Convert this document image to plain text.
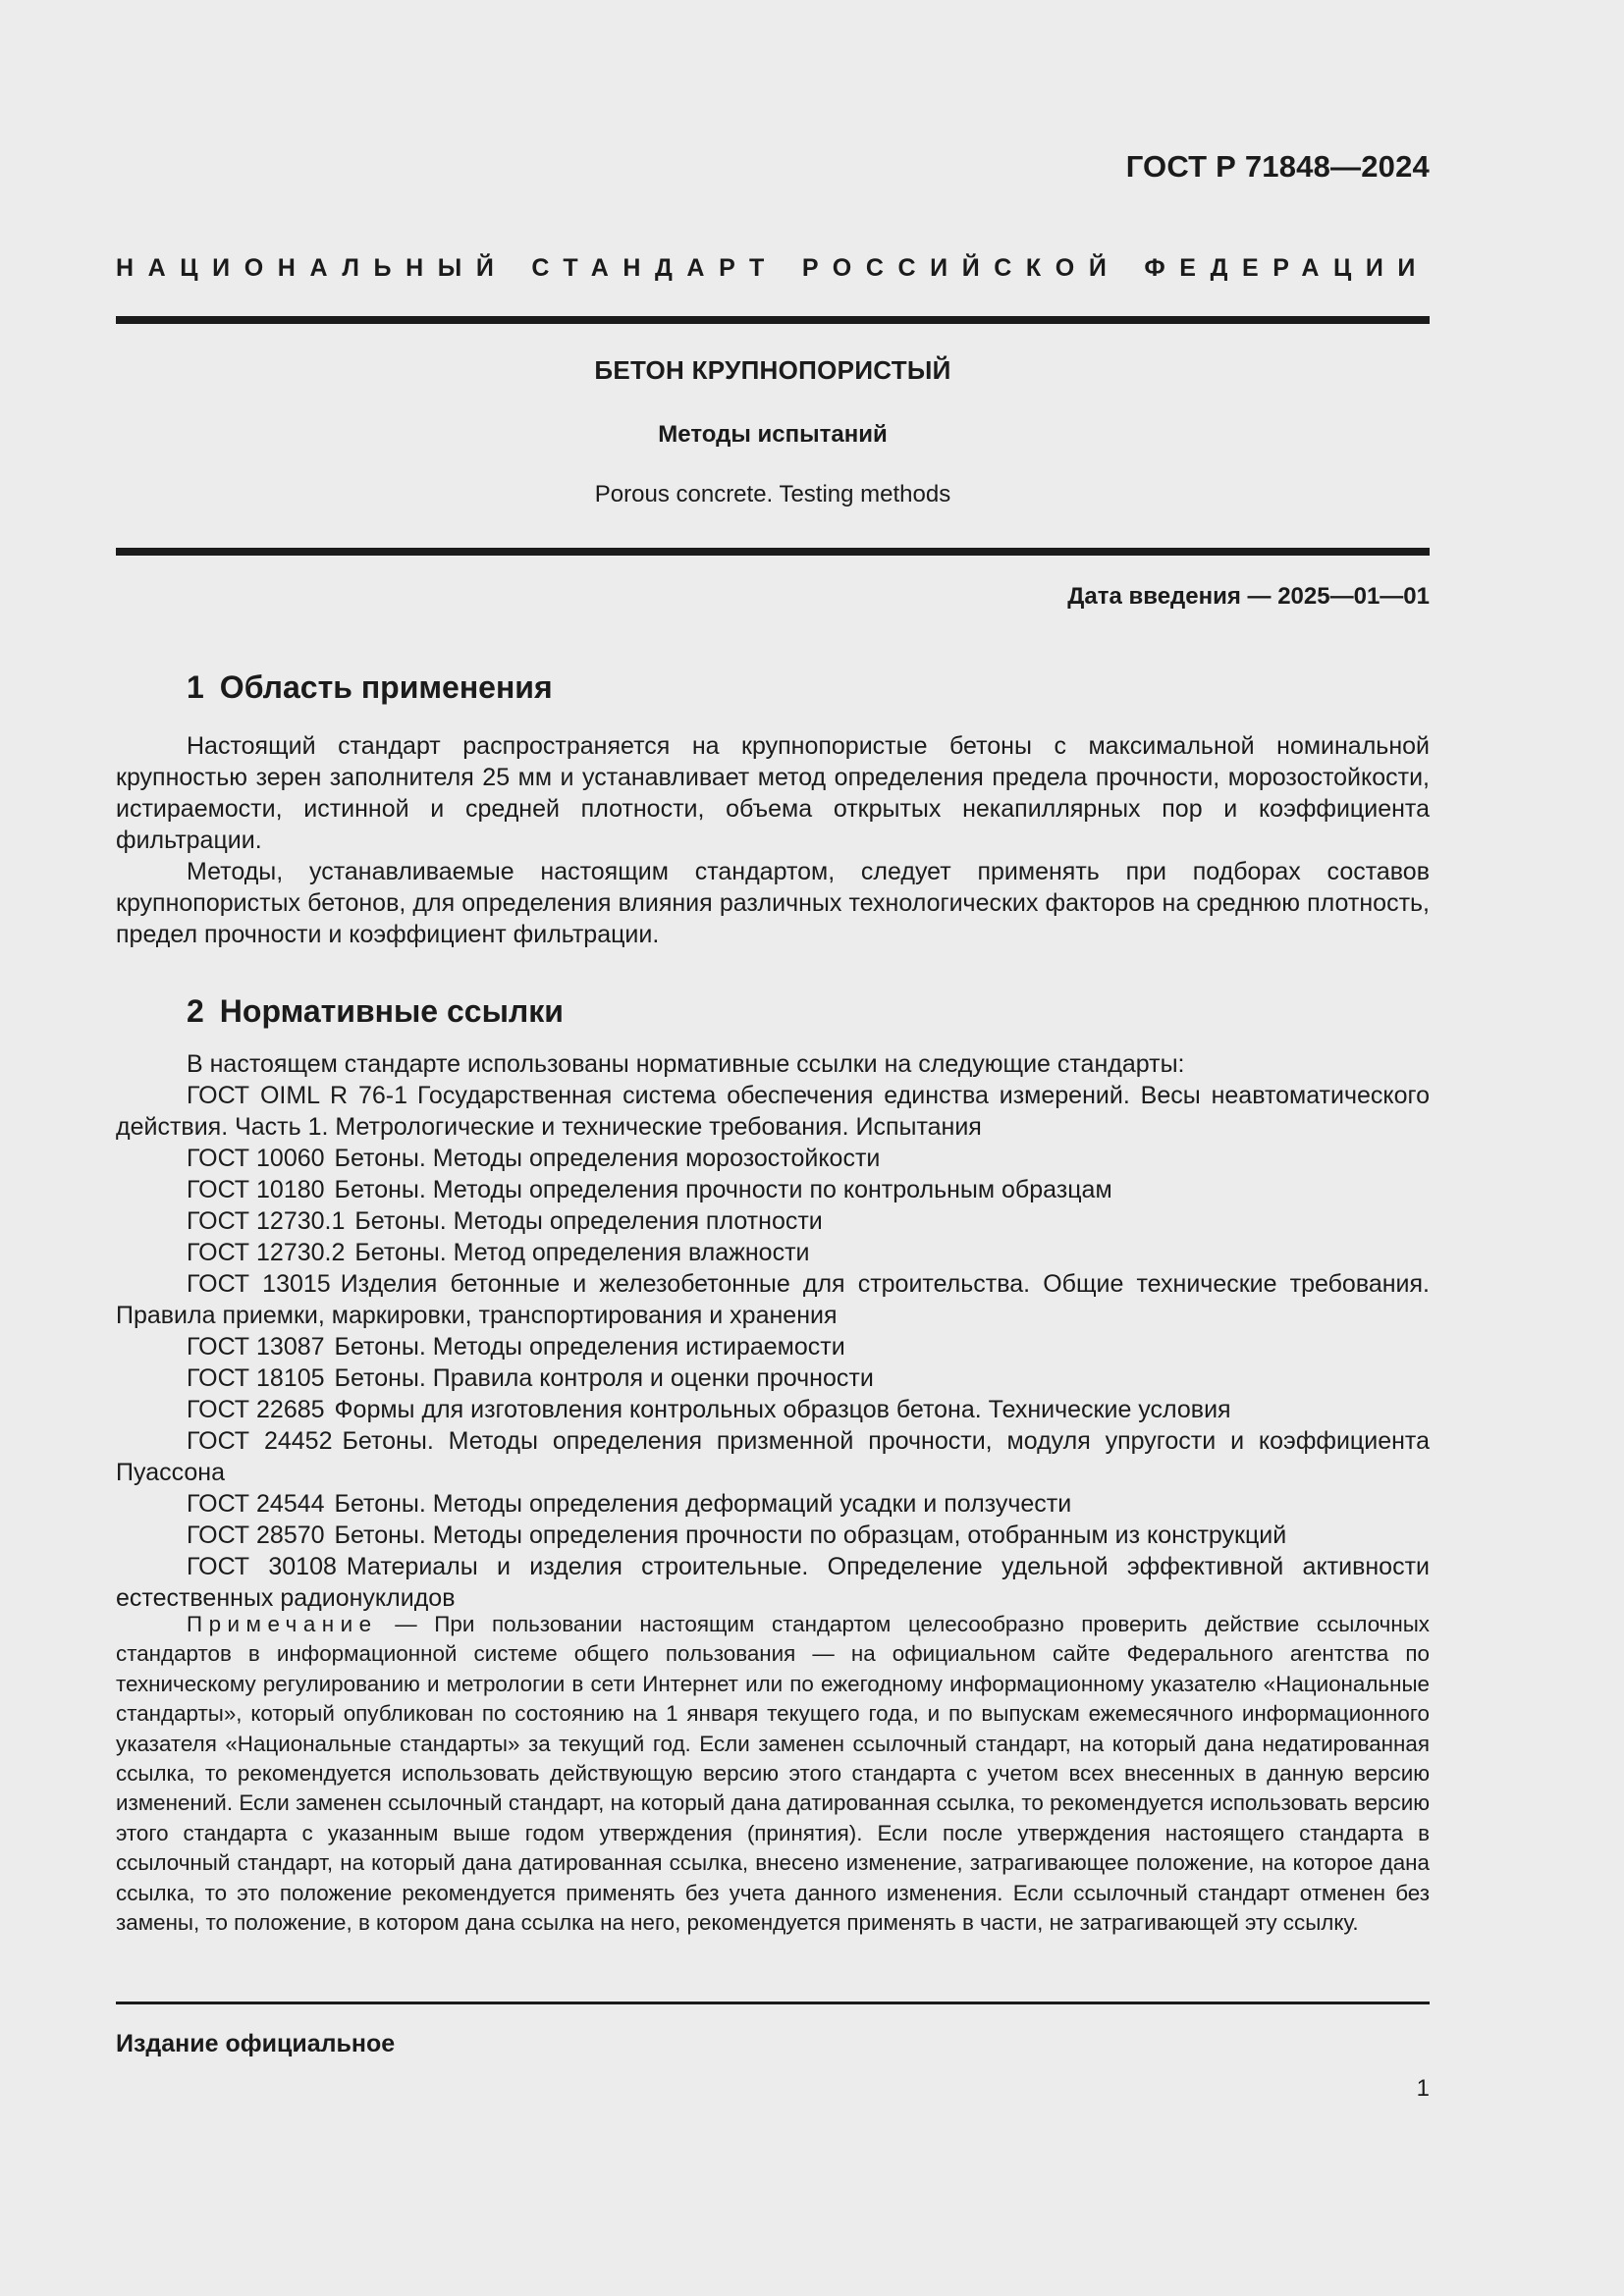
ГОСТ Р 71848—2024
НАЦИОНАЛЬНЫЙ СТАНДАРТ РОССИЙСКОЙ ФЕДЕРАЦИИ
БЕТОН КРУПНОПОРИСТЫЙ
Методы испытаний
Porous concrete. Testing methods
Дата введения — 2025—01—01
1 Область применения

Настоящий стандарт распространяется на крупнопористые бетоны с максимальной номинальной крупностью зерен заполнителя 25 мм и устанавливает метод определения предела прочности, морозостойкости, истираемости, истинной и средней плотности, объема открытых некапиллярных пор и коэффициента фильтрации.

Методы, устанавливаемые настоящим стандартом, следует применять при подборах составов крупнопористых бетонов, для определения влияния различных технологических факторов на среднюю плотность, предел прочности и коэффициент фильтрации.

2 Нормативные ссылки

В настоящем стандарте использованы нормативные ссылки на следующие стандарты:

ГОСТ OIML R 76-1 Государственная система обеспечения единства измерений. Весы неавтоматического действия. Часть 1. Метрологические и технические требования. Испытания
ГОСТ 10060 Бетоны. Методы определения морозостойкости
ГОСТ 10180 Бетоны. Методы определения прочности по контрольным образцам
ГОСТ 12730.1 Бетоны. Методы определения плотности
ГОСТ 12730.2 Бетоны. Метод определения влажности
ГОСТ 13015 Изделия бетонные и железобетонные для строительства. Общие технические требования. Правила приемки, маркировки, транспортирования и хранения
ГОСТ 13087 Бетоны. Методы определения истираемости
ГОСТ 18105 Бетоны. Правила контроля и оценки прочности
ГОСТ 22685 Формы для изготовления контрольных образцов бетона. Технические условия
ГОСТ 24452 Бетоны. Методы определения призменной прочности, модуля упругости и коэффициента Пуассона
ГОСТ 24544 Бетоны. Методы определения деформаций усадки и ползучести
ГОСТ 28570 Бетоны. Методы определения прочности по образцам, отобранным из конструкций
ГОСТ 30108 Материалы и изделия строительные. Определение удельной эффективной активности естественных радионуклидов
Примечание — При пользовании настоящим стандартом целесообразно проверить действие ссылочных стандартов в информационной системе общего пользования — на официальном сайте Федерального агентства по техническому регулированию и метрологии в сети Интернет или по ежегодному информационному указателю «Национальные стандарты», который опубликован по состоянию на 1 января текущего года, и по выпускам ежемесячного информационного указателя «Национальные стандарты» за текущий год. Если заменен ссылочный стандарт, на который дана недатированная ссылка, то рекомендуется использовать действующую версию этого стандарта с учетом всех внесенных в данную версию изменений. Если заменен ссылочный стандарт, на который дана датированная ссылка, то рекомендуется использовать версию этого стандарта с указанным выше годом утверждения (принятия). Если после утверждения настоящего стандарта в ссылочный стандарт, на который дана датированная ссылка, внесено изменение, затрагивающее положение, на которое дана ссылка, то это положение рекомендуется применять без учета данного изменения. Если ссылочный стандарт отменен без замены, то положение, в котором дана ссылка на него, рекомендуется применять в части, не затрагивающей эту ссылку.
Издание официальное
1
